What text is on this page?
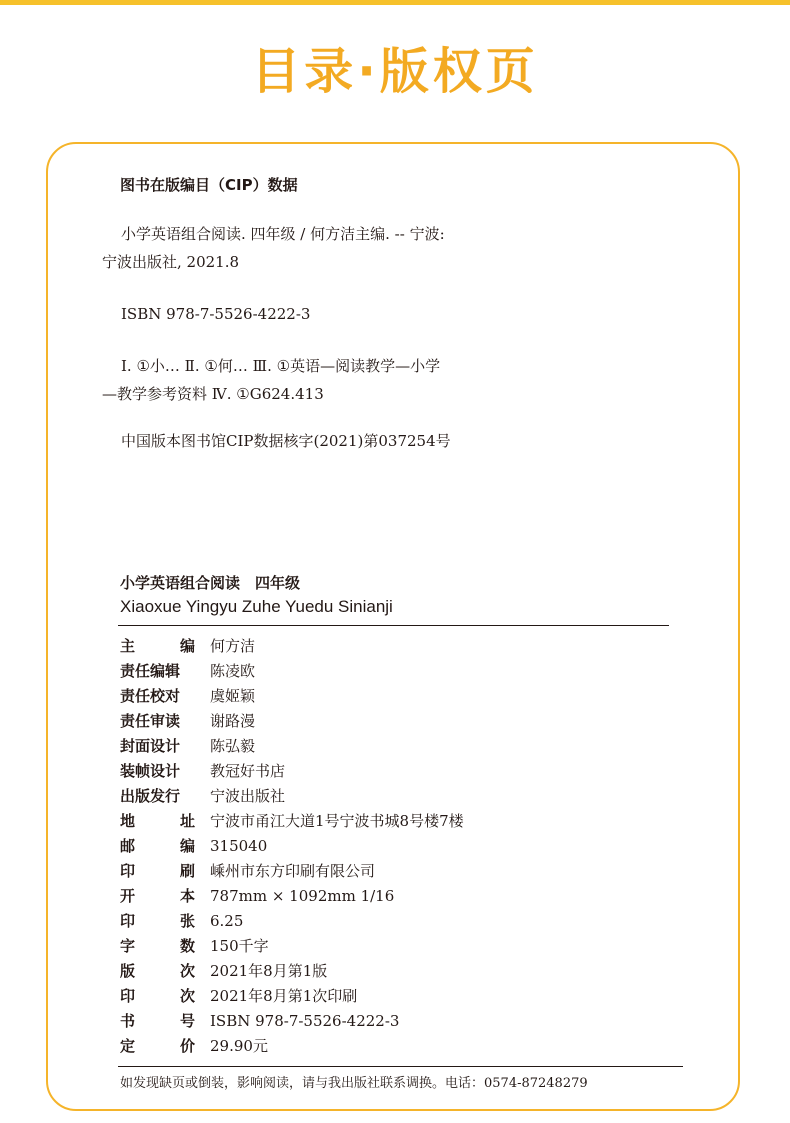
目录·版权页
图书在版编目（CIP）数据
小学英语组合阅读. 四年级 / 何方洁主编. -- 宁波:
宁波出版社, 2021.8
ISBN 978-7-5526-4222-3
Ⅰ. ①小… Ⅱ. ①何… Ⅲ. ①英语—阅读教学—小学
—教学参考资料 Ⅳ. ①G624.413
中国版本图书馆CIP数据核字(2021)第037254号
小学英语组合阅读　四年级
Xiaoxue Yingyu Zuhe Yuedu Sinianji
主	编 何方洁
责任编辑	陈凌欧
责任校对	虞姬颖
责任审读	谢路漫
封面设计	陈弘毅
装帧设计	教冠好书店
出版发行	宁波出版社
地	址 宁波市甬江大道1号宁波书城8号楼7楼
邮	编 315040
印	刷 嵊州市东方印刷有限公司
开	本 787mm × 1092mm 1/16
印	张 6.25
字	数 150千字
版	次 2021年8月第1版
印	次 2021年8月第1次印刷
书	号 ISBN 978-7-5526-4222-3
定	价 29.90元
如发现缺页或倒装，影响阅读，请与我出版社联系调换。电话：0574-87248279
